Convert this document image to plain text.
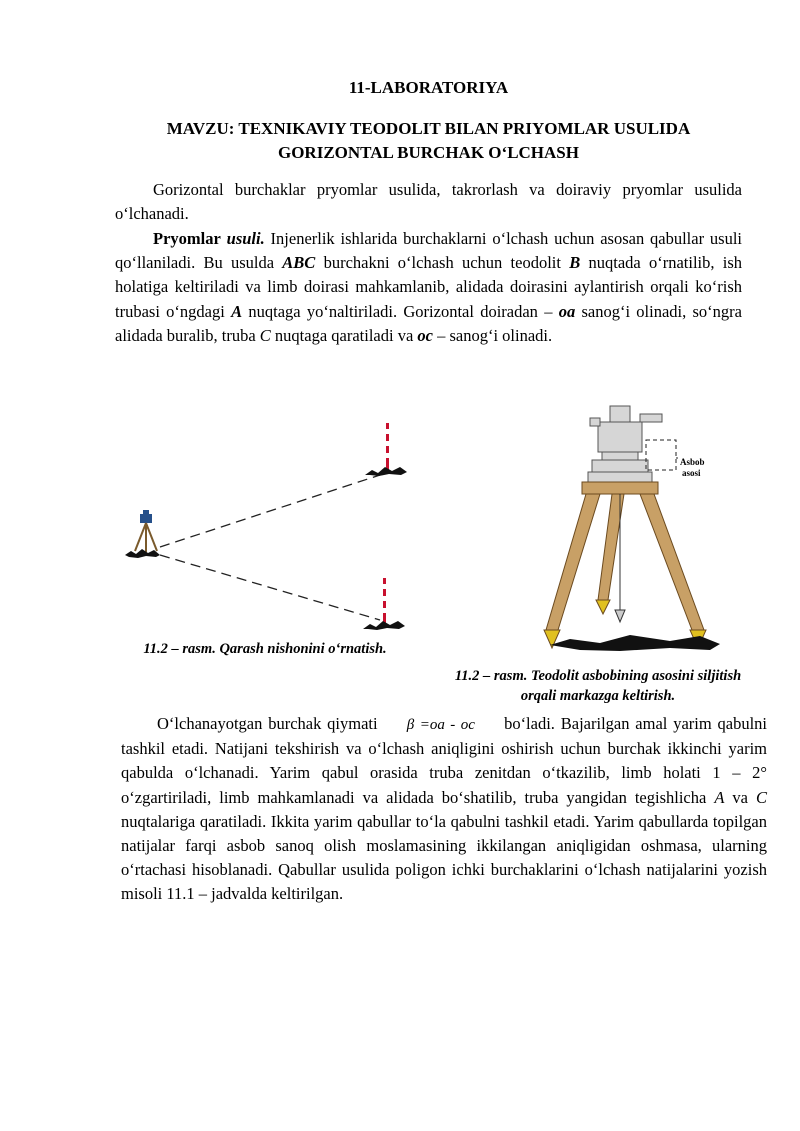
11-LABORATORIYA
MAVZU: TEXNIKAVIY TEODOLIT BILAN PRIYOMLAR USULIDA
GORIZONTAL BURCHAK O‘LCHASH

Gorizontal burchaklar pryomlar usulida, takrorlash va doiraviy pryomlar usulida o‘lchanadi.

Pryomlar usuli. Injenerlik ishlarida burchaklarni o‘lchash uchun asosan qabullar usuli qo‘llaniladi. Bu usulda ABC burchakni o‘lchash uchun teodolit B nuqtada o‘rnatilib, ish holatiga keltiriladi va limb doirasi mahkamlanib, alidada doirasini aylantirish orqali ko‘rish trubasi o‘ngdagi A nuqtaga yo‘naltiriladi. Gorizontal doiradan – oa sanog‘i olinadi, so‘ngra alidada buralib, truba C nuqtaga qaratiladi va oc – sanog‘i olinadi.

11.2 – rasm. Qarash nishonini o‘rnatish.
Asbob
asosi
11.2 – rasm. Teodolit asbobining asosini siljitish
orqali markazga keltirish.

O‘lchanayotgan burchak qiymati β =oa - oc bo‘ladi. Bajarilgan amal yarim qabulni tashkil etadi. Natijani tekshirish va o‘lchash aniqligini oshirish uchun burchak ikkinchi yarim qabulda o‘lchanadi. Yarim qabul orasida truba zenitdan o‘tkazilib, limb holati 1 – 2° o‘zgartiriladi, limb mahkamlanadi va alidada bo‘shatilib, truba yangidan tegishlicha A va C nuqtalariga qaratiladi. Ikkita yarim qabullar to‘la qabulni tashkil etadi. Yarim qabullarda topilgan natijalar farqi asbob sanoq olish moslamasining ikkilangan aniqligidan oshmasa, ularning o‘rtachasi hisoblanadi. Qabullar usulida poligon ichki burchaklarini o‘lchash natijalarini yozish misoli 11.1 – jadvalda keltirilgan.
